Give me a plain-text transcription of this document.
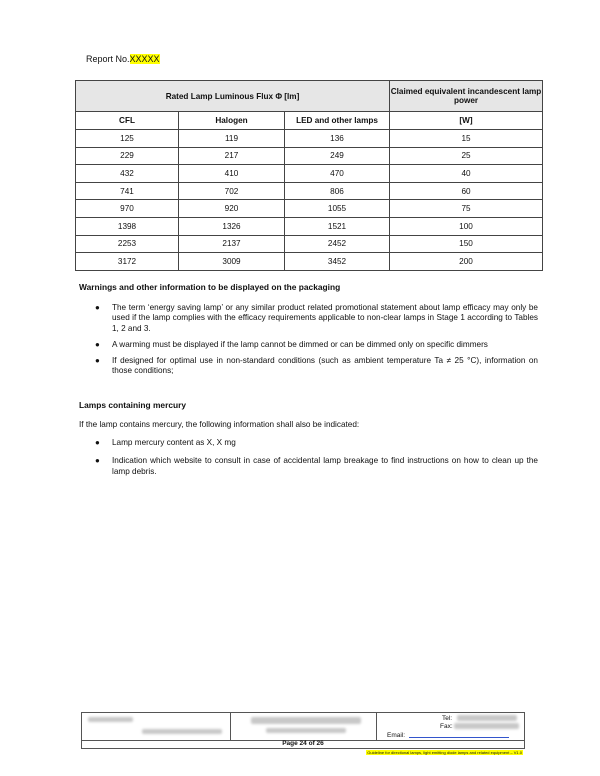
Report No.XXXXX
Rated Lamp Luminous Flux Φ [lm]			Claimed equivalent incandescent lamp power
CFL	Halogen	LED and other lamps	[W]
125	119	136	15
229	217	249	25
432	410	470	40
741	702	806	60
970	920	1055	75
1398	1326	1521	100
2253	2137	2452	150
3172	3009	3452	200
Warnings and other information to be displayed on the packaging
● The term ‘energy saving lamp’ or any similar product related promotional statement about lamp efficacy may only be used if the lamp complies with the efficacy requirements applicable to non-clear lamps in Stage 1 according to Tables 1, 2 and 3.
● A warming must be displayed if the lamp cannot be dimmed or can be dimmed only on specific dimmers
● If designed for optimal use in non-standard conditions (such as ambient temperature Ta ≠ 25 °C), information on those conditions;
Lamps containing mercury
If the lamp contains mercury, the following information shall also be indicated:
● Lamp mercury content as X, X mg
● Indication which website to consult in case of accidental lamp breakage to find instructions on how to clean up the lamp debris.
Tel:
Fax:
Email:
Page 24 of 26
Guideline for directional lamps, light emitting diode lamps and related equipment – V1.0
